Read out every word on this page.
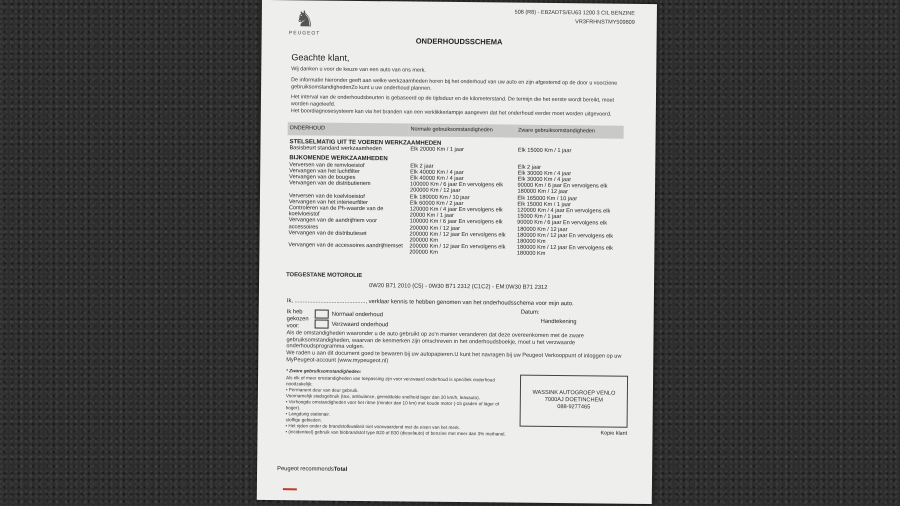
♞
PEUGEOT
508 (R8) - EB2ADTS/EU63 1200 3 CIL BENZINE
VR3FRHNSTMY509809
ONDERHOUDSSCHEMA
Geachte klant,
Wij danken u voor de keuze van een auto van ons merk.
De informatie hieronder geeft aan welke werkzaamheden horen bij het onderhoud van uw auto en zijn afgestemd op de door u voorziene gebruiksomstandighedenZo kunt u uw onderhoud plannen.
Het interval van de onderhoudsbeurten is gebaseerd op de tijdsduur en de kilometerstand. De termijn die het eerste wordt bereikt, moet worden nageleefd.
Het boordiagnosesysteem kan via het branden van een verklikkerlampje aangeven dat het onderhoud eerder moet worden uitgevoerd.
ONDERHOUD	Normale gebruiksomstandigheden	Zware gebruiksomstandigheden
STELSELMATIG UIT TE VOEREN WERKZAAMHEDEN		
Basisbeurt standard werkzaamheden	Elk 20000 Km / 1 jaar	Elk 15000 Km / 1 jaar
BIJKOMENDE WERKZAAMHEDEN		
Verversen van de remvloeistof	Elk 2 jaar	Elk 2 jaar
Vervangen van het luchtfilter	Elk 40000 Km / 4 jaar	Elk 30000 Km / 4 jaar
Vervangen van de bougies	Elk 40000 Km / 4 jaar	Elk 30000 Km / 4 jaar
Vervangen van de distributieriem	100000 Km / 6 jaar En vervolgens elk 200000 Km / 12 jaar	90000 Km / 6 jaar En vervolgens elk 180000 Km / 12 jaar
Verversen van de koelvloeistof	Elk 180000 Km / 10 jaar	Elk 165000 Km / 10 jaar
Vervangen van het interieurfilter	Elk 60000 Km / 2 jaar	Elk 15000 Km / 1 jaar
Controleren van de Ph-waarde van de koelvloeistof	120000 Km / 4 jaar En vervolgens elk 20000 Km / 1 jaar	120000 Km / 4 jaar En vervolgens elk 15000 Km / 1 jaar
Vervangen van de aandrijfriem voor accessoires	100000 Km / 6 jaar En vervolgens elk 200000 Km / 12 jaar	90000 Km / 6 jaar En vervolgens elk 180000 Km / 12 jaar
Vervangen van de distributieset	200000 Km / 12 jaar En vervolgens elk 200000 Km	180000 Km / 12 jaar En vervolgens elk 180000 Km
Vervangen van de accessoires aandrijfriemset	200000 Km / 12 jaar En vervolgens elk 200000 Km	180000 Km / 12 jaar En vervolgens elk 180000 Km
TOEGESTANE MOTOROLIE
0W20 B71 2010 (C5) - 0W30 B71 2312 (C1C2) - EM:0W30 B71 2312
Ik, ............................................, verklaar kennis te hebben genomen van het onderhoudsschema voor mijn auto.
Ik heb
gekozen
voor:
Normaal onderhoud
Verzwaard onderhoud
Datum:
Handtekening
Als de omstandigheden waaronder u de auto gebruikt op zo'n manier veranderen dat deze overeenkomen met de zware gebruiksomstandigheden, waarvan de kenmerken zijn omschreven in het onderhoudsboekje, moet u het verzwaarde onderhoudsprogramma volgen.
We raden u aan dit document goed te bewaren bij uw autopapieren.U kunt het navragen bij uw Peugeot Verkooppunt of inloggen op uw MyPeugeot-account (www.mypeugeot.nl)
* Zware gebruiksomstandigheden:
Als elk of meer omstandigheden van toepassing zijn voor verzwaard onderhoud is specifiek onderhoud noodzakelijk:
• Permanent deur van deur gebruik.
Voornamelijk stadsgebruik (taxi, ambulance, gemiddelde snelheid lager dan 20 km/h, leasauto).
• Verhoogde omstandigheden voor het ritme (minder dan 10 km) met koude motor (-15 graden of lager of hoger).
• Langdurig stationair.
stoffige gebieden.
• Het rijden onder de brandstofkwaliteit niet voorwaardend met de eisen van het merk.
• (incidenteel) gebruik van biobrandstof type B20 of B30 (dieselauto) of benzine met meer dan 3% methanol.
WASSINK AUTOGROEP VENLO
7000AJ DOETINCHEM
088-9277465
Kopie klant
Peugeot recommendsTotal
